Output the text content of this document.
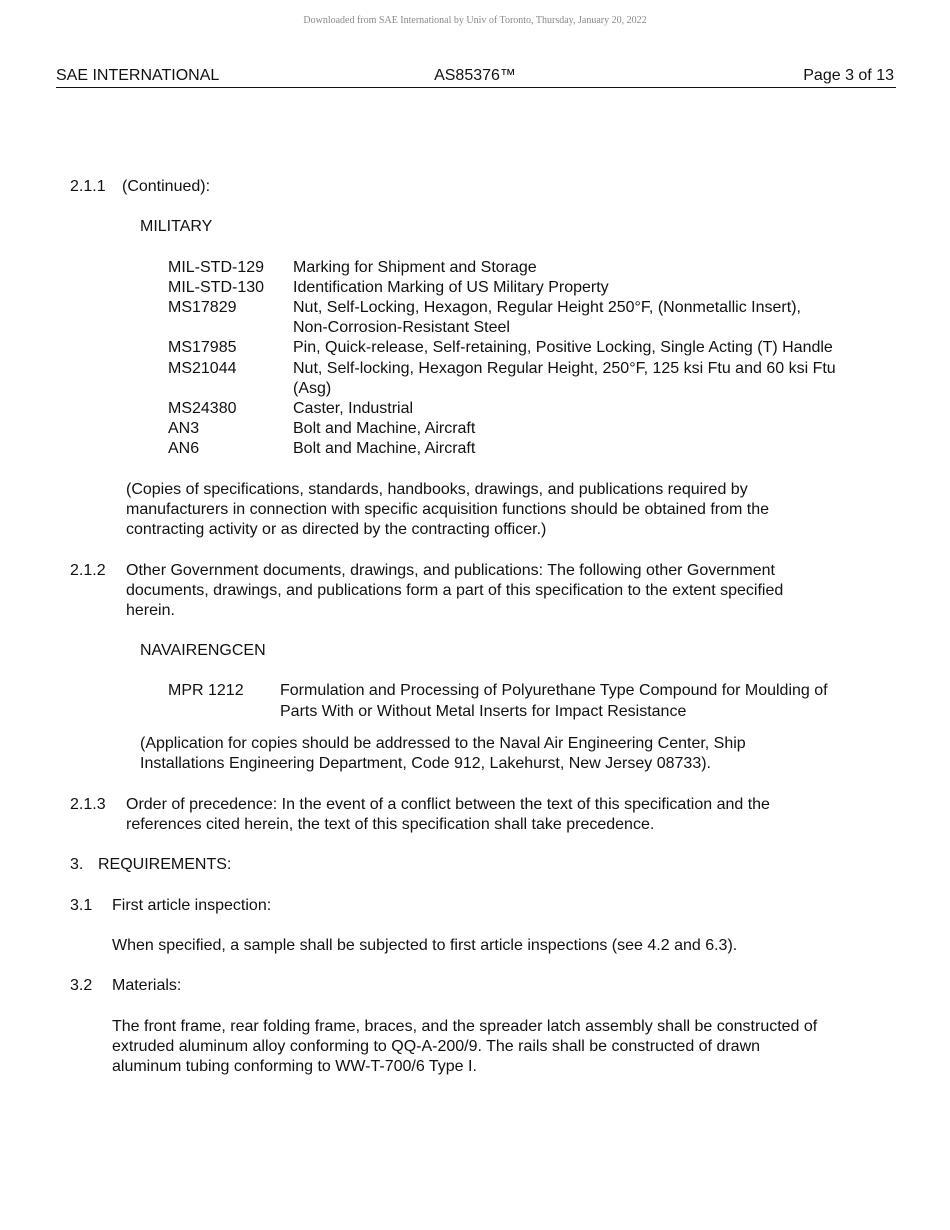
Downloaded from SAE International by Univ of Toronto, Thursday, January 20, 2022
SAE INTERNATIONAL	AS85376™	Page 3 of 13
2.1.1 (Continued):
MILITARY
MIL-STD-129 Marking for Shipment and Storage
MIL-STD-130 Identification Marking of US Military Property
MS17829	Nut, Self-Locking, Hexagon, Regular Height 250°F, (Nonmetallic Insert),
Non-Corrosion-Resistant Steel
MS17985	Pin, Quick-release, Self-retaining, Positive Locking, Single Acting (T) Handle
MS21044	Nut, Self-locking, Hexagon Regular Height, 250°F, 125 ksi Ftu and 60 ksi Ftu
(Asg)
MS24380	Caster, Industrial
AN3	Bolt and Machine, Aircraft
AN6	Bolt and Machine, Aircraft
(Copies of specifications, standards, handbooks, drawings, and publications required by
manufacturers in connection with specific acquisition functions should be obtained from the
contracting activity or as directed by the contracting officer.)
2.1.2 Other Government documents, drawings, and publications: The following other Government
documents, drawings, and publications form a part of this specification to the extent specified
herein.
NAVAIRENGCEN
MPR 1212 Formulation and Processing of Polyurethane Type Compound for Moulding of
Parts With or Without Metal Inserts for Impact Resistance
(Application for copies should be addressed to the Naval Air Engineering Center, Ship
Installations Engineering Department, Code 912, Lakehurst, New Jersey 08733).
2.1.3 Order of precedence: In the event of a conflict between the text of this specification and the
references cited herein, the text of this specification shall take precedence.
3. REQUIREMENTS:
3.1 First article inspection:
When specified, a sample shall be subjected to first article inspections (see 4.2 and 6.3).
3.2 Materials:
The front frame, rear folding frame, braces, and the spreader latch assembly shall be constructed of
extruded aluminum alloy conforming to QQ-A-200/9. The rails shall be constructed of drawn
aluminum tubing conforming to WW-T-700/6 Type I.
